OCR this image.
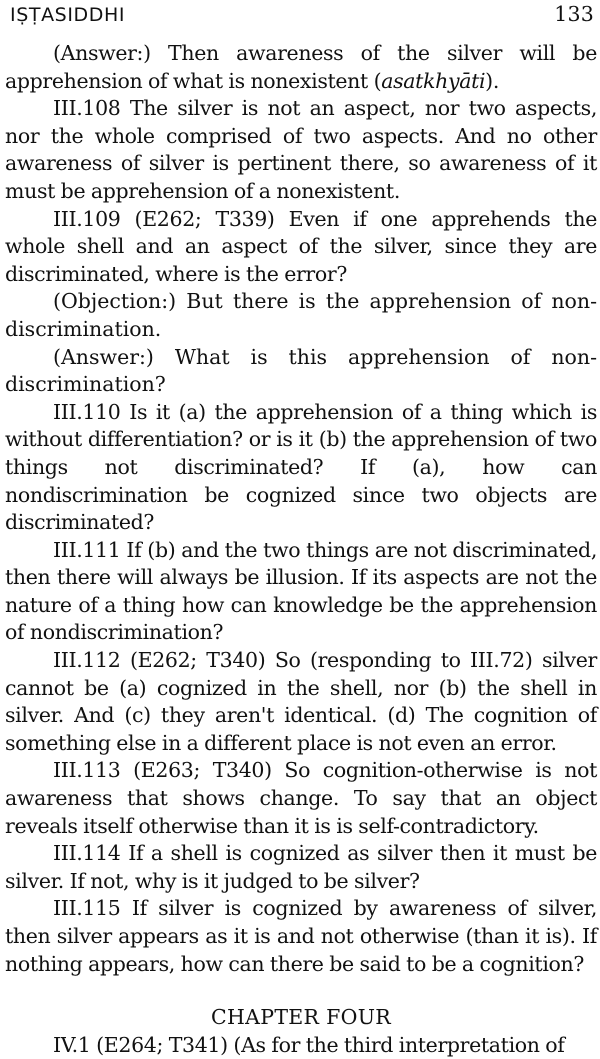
IṢṬASIDDHI	133

(Answer:) Then awareness of the silver will be apprehension of what is nonexistent (asatkhyāti).

III.108 The silver is not an aspect, nor two aspects, nor the whole comprised of two aspects. And no other awareness of silver is pertinent there, so awareness of it must be apprehension of a nonexistent.

III.109 (E262; T339) Even if one apprehends the whole shell and an aspect of the silver, since they are discriminated, where is the error?

(Objection:) But there is the apprehension of non-discrimination.

(Answer:) What is this apprehension of non-discrimination?

III.110 Is it (a) the apprehension of a thing which is without differentiation? or is it (b) the apprehension of two things not discriminated? If (a), how can nondiscrimination be cognized since two objects are discriminated?

III.111 If (b) and the two things are not discriminated, then there will always be illusion. If its aspects are not the nature of a thing how can knowledge be the apprehension of nondiscrimination?

III.112 (E262; T340) So (responding to III.72) silver cannot be (a) cognized in the shell, nor (b) the shell in silver. And (c) they aren't identical. (d) The cognition of something else in a different place is not even an error.

III.113 (E263; T340) So cognition-otherwise is not awareness that shows change. To say that an object reveals itself otherwise than it is is self-contradictory.

III.114 If a shell is cognized as silver then it must be silver. If not, why is it judged to be silver?

III.115 If silver is cognized by awareness of silver, then silver appears as it is and not otherwise (than it is). If nothing appears, how can there be said to be a cognition?

CHAPTER FOUR

IV.1 (E264; T341) (As for the third interpretation of
